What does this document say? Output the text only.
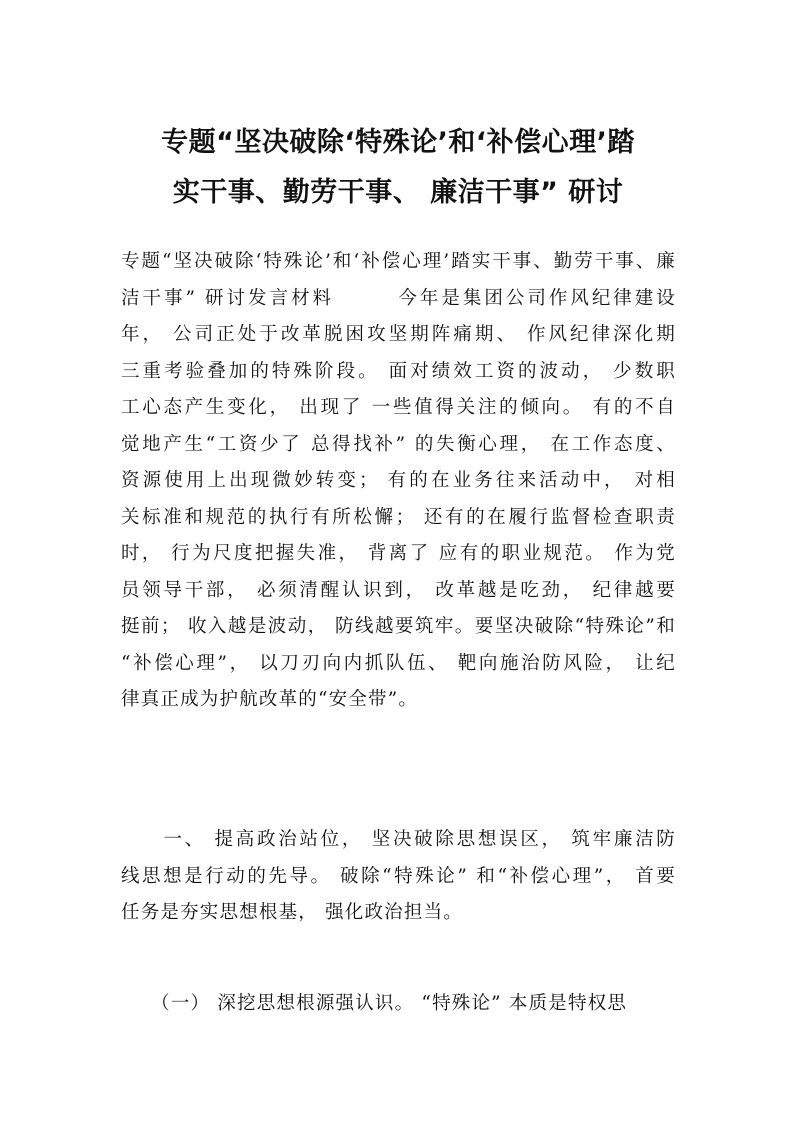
专题“坚决破除‘特殊论’和‘补偿心理’踏
实干事、勤劳干事、 廉洁干事” 研讨
专题“坚决破除‘特殊论’和‘补偿心理’踏实干事、勤劳干事、廉
洁干事” 研讨发言材料　　　今年是集团公司作风纪律建设
年， 公司正处于改革脱困攻坚期阵痛期、 作风纪律深化期
三重考验叠加的特殊阶段。 面对绩效工资的波动， 少数职
工心态产生变化， 出现了 一些值得关注的倾向。 有的不自
觉地产生“工资少了 总得找补” 的失衡心理， 在工作态度、
资源使用上出现微妙转变； 有的在业务往来活动中， 对相
关标准和规范的执行有所松懈； 还有的在履行监督检查职责
时， 行为尺度把握失准， 背离了 应有的职业规范。 作为党
员领导干部， 必须清醒认识到， 改革越是吃劲， 纪律越要
挺前； 收入越是波动， 防线越要筑牢。要坚决破除“特殊论”和
“补偿心理”， 以刀刃向内抓队伍、 靶向施治防风险， 让纪
律真正成为护航改革的“安全带”。
　　一、 提高政治站位， 坚决破除思想误区， 筑牢廉洁防
线思想是行动的先导。 破除“特殊论” 和“补偿心理”， 首要
任务是夯实思想根基， 强化政治担当。
　　（一） 深挖思想根源强认识。 “特殊论” 本质是特权思
